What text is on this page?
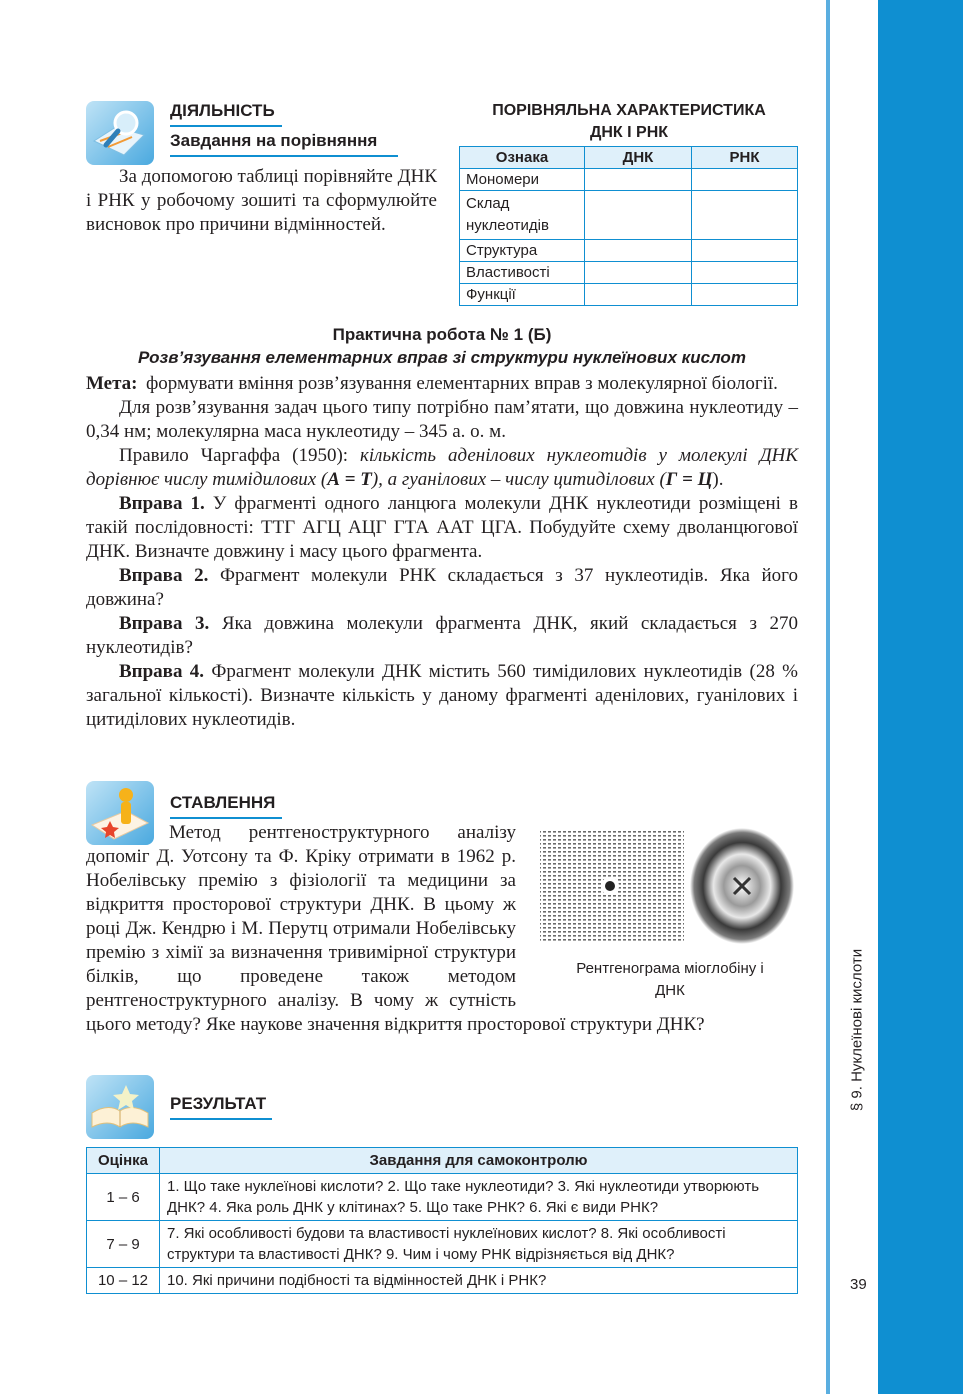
§ 9. Нуклеїнові кислоти
39
ДІЯЛЬНІСТЬ
Завдання на порівняння

За допомогою таблиці порівняйте ДНК і РНК у робочому зошиті та сформулюйте висновок про причини відмінностей.

ПОРІВНЯЛЬНА ХАРАКТЕРИСТИКА
ДНК І РНК
Ознака	ДНК	РНК
Мономери		
Склад нуклеотидів		
Структура		
Властивості		
Функції		
Практична робота № 1 (Б)
Розв’язування елементарних вправ зі структури нуклеїнових кислот
Мета: формувати вміння розв’язування елементарних вправ з молекулярної біології.

Для розв’язування задач цього типу потрібно пам’ятати, що довжина нуклеотиду – 0,34 нм; молекулярна маса нуклеотиду – 345 а. о. м.

Правило Чаргаффа (1950): кількість аденілових нуклеотидів у молекулі ДНК дорівнює числу тимідилових (А = Т), а гуанілових – числу цитиділових (Г = Ц).

Вправа 1. У фрагменті одного ланцюга молекули ДНК нуклеотиди розміщені в такій послідовності: ТТГ АГЦ АЦГ ГТА ААТ ЦГА. Побудуйте схему дволанцюгової ДНК. Визначте довжину і масу цього фрагмента.

Вправа 2. Фрагмент молекули РНК складається з 37 нуклеотидів. Яка його довжина?

Вправа 3. Яка довжина молекули фрагмента ДНК, який складається з 270 нуклеотидів?

Вправа 4. Фрагмент молекули ДНК містить 560 тимідилових нуклеотидів (28 % загальної кількості). Визначте кількість у даному фрагменті аденілових, гуанілових і цитиділових нуклеотидів.

СТАВЛЕННЯ
Рентгенограма міоглобіну і ДНК
Метод рентгеноструктурного аналізу допоміг Д. Уотсону та Ф. Кріку отримати в 1962 р. Нобелівську премію з фізіології та медицини за відкриття просторової структури ДНК. В цьому ж році Дж. Кендрю і М. Перутц отримали Нобелівську премію з хімії за визначення тривимірної структури білків, що проведене також методом рентгеноструктурного аналізу. В чому ж сутність цього методу? Яке наукове значення відкриття просторової структури ДНК?
РЕЗУЛЬТАТ
Оцінка	Завдання для самоконтролю
1 – 6	1. Що таке нуклеїнові кислоти? 2. Що таке нуклеотиди? 3. Які нуклеотиди утворюють ДНК? 4. Яка роль ДНК у клітинах? 5. Що таке РНК? 6. Які є види РНК?
7 – 9	7. Які особливості будови та властивості нуклеїнових кислот? 8. Які особливості структури та властивості ДНК? 9. Чим і чому РНК відрізняється від ДНК?
10 – 12	10. Які причини подібності та відмінностей ДНК і РНК?
